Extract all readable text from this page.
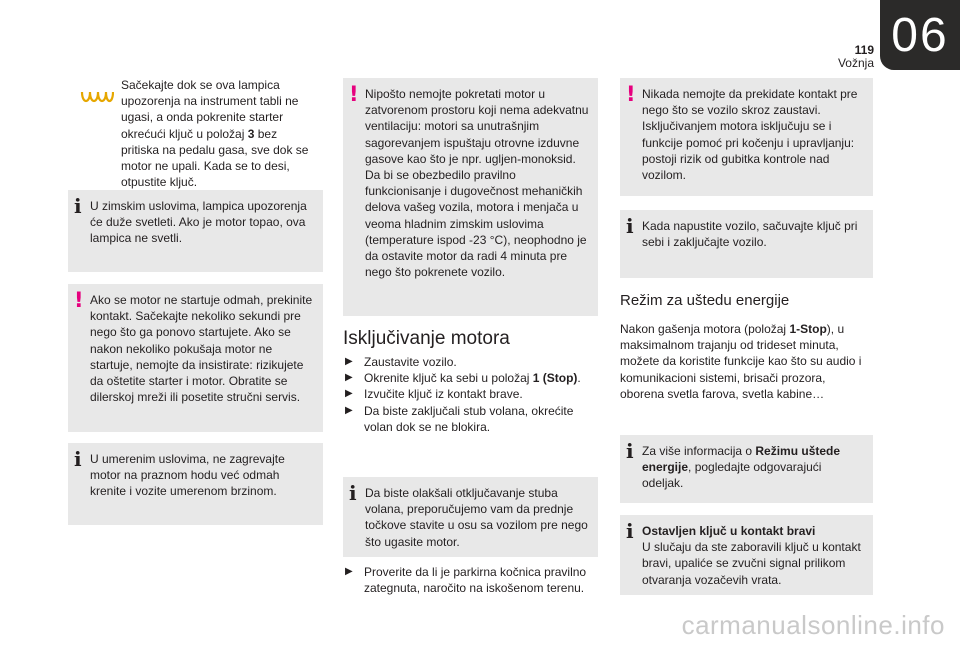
119
Vožnja
06
Sačekajte dok se ova lampica upozorenja na instrument tabli ne ugasi, a onda pokrenite starter okrećući ključ u položaj 3 bez pritiska na pedalu gasa, sve dok se motor ne upali. Kada se to desi, otpustite ključ.
i U zimskim uslovima, lampica upozorenja će duže svetleti. Ako je motor topao, ova lampica ne svetli.
! Ako se motor ne startuje odmah, prekinite kontakt. Sačekajte nekoliko sekundi pre nego što ga ponovo startujete. Ako se nakon nekoliko pokušaja motor ne startuje, nemojte da insistirate: rizikujete da oštetite starter i motor. Obratite se dilerskoj mreži ili posetite stručni servis.
i U umerenim uslovima, ne zagrevajte motor na praznom hodu već odmah krenite i vozite umerenom brzinom.
! Nipošto nemojte pokretati motor u zatvorenom prostoru koji nema adekvatnu ventilaciju: motori sa unutrašnjim sagorevanjem ispuštaju otrovne izduvne gasove kao što je npr. ugljen-monoksid. Da bi se obezbedilo pravilno funkcionisanje i dugovečnost mehaničkih delova vašeg vozila, motora i menjača u veoma hladnim zimskim uslovima (temperature ispod -23 °C), neophodno je da ostavite motor da radi 4 minuta pre nego što pokrenete vozilo.
Isključivanje motora
▶ Zaustavite vozilo.
▶ Okrenite ključ ka sebi u položaj 1 (Stop).
▶ Izvučite ključ iz kontakt brave.
▶ Da biste zaključali stub volana, okrećite volan dok se ne blokira.
i Da biste olakšali otključavanje stuba volana, preporučujemo vam da prednje točkove stavite u osu sa vozilom pre nego što ugasite motor.
▶ Proverite da li je parkirna kočnica pravilno zategnuta, naročito na iskošenom terenu.
! Nikada nemojte da prekidate kontakt pre nego što se vozilo skroz zaustavi. Isključivanjem motora isključuju se i funkcije pomoć pri kočenju i upravljanju: postoji rizik od gubitka kontrole nad vozilom.
i Kada napustite vozilo, sačuvajte ključ pri sebi i zaključajte vozilo.
Režim za uštedu energije
Nakon gašenja motora (položaj 1-Stop), u maksimalnom trajanju od trideset minuta, možete da koristite funkcije kao što su audio i komunikacioni sistemi, brisači prozora, oborena svetla farova, svetla kabine…
i Za više informacija o Režimu uštede energije, pogledajte odgovarajući odeljak.
i Ostavljen ključ u kontakt bravi
U slučaju da ste zaboravili ključ u kontakt bravi, upaliće se zvučni signal prilikom otvaranja vozačevih vrata.
carmanualsonline.info
